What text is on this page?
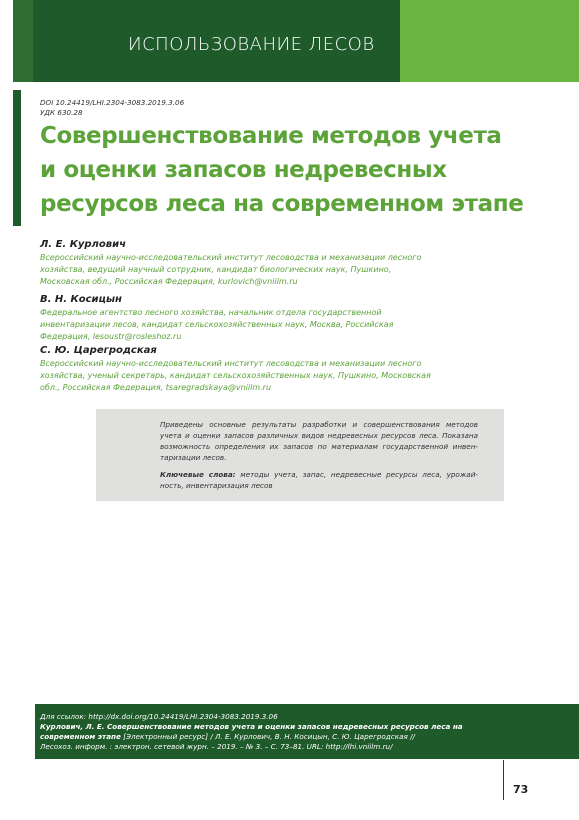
ИСПОЛЬЗОВАНИЕ ЛЕСОВ
DOI 10.24419/LHI.2304-3083.2019.3.06
УДК 630.28
Совершенствование методов учета
и оценки запасов недревесных
ресурсов леса на современном этапе
Л. Е. Курлович
Всероссийский научно-исследовательский институт лесоводства и механизации лесного
хозяйства, ведущий научный сотрудник, кандидат биологических наук, Пушкино,
Московская обл., Российская Федерация, kurlovich@vniilm.ru
В. Н. Косицын
Федеральное агентство лесного хозяйства, начальник отдела государственной
инвентаризации лесов, кандидат сельскохозяйственных наук, Москва, Российская
Федерация, lesoustr@rosleshoz.ru
С. Ю. Царегродская
Всероссийский научно-исследовательский институт лесоводства и механизации лесного
хозяйства, ученый секретарь, кандидат сельскохозяйственных наук, Пушкино, Московская
обл., Российская Федерация, tsaregradskaya@vniilm.ru
Приведены основные результаты разработки и совершенствования методов учета и оценки запасов различных видов недревесных ресурсов леса. Показана возможность определения их запасов по материалам государственной инвен- таризации лесов.
Ключевые слова: методы учета, запас, недревесные ресурсы леса, урожай- ность, инвентаризация лесов
Для ссылок: http://dx.doi.org/10.24419/LHI.2304-3083.2019.3.06
Курлович, Л. Е. Совершенствование методов учета и оценки запасов недревесных ресурсов леса на
современном этапе [Электронный ресурс] / Л. Е. Курлович, В. Н. Косицын, С. Ю. Царегродская //
Лесохоз. информ. : электрон. сетевой журн. – 2019. – № 3. – С. 73–81. URL: http://lhi.vniilm.ru/
73
